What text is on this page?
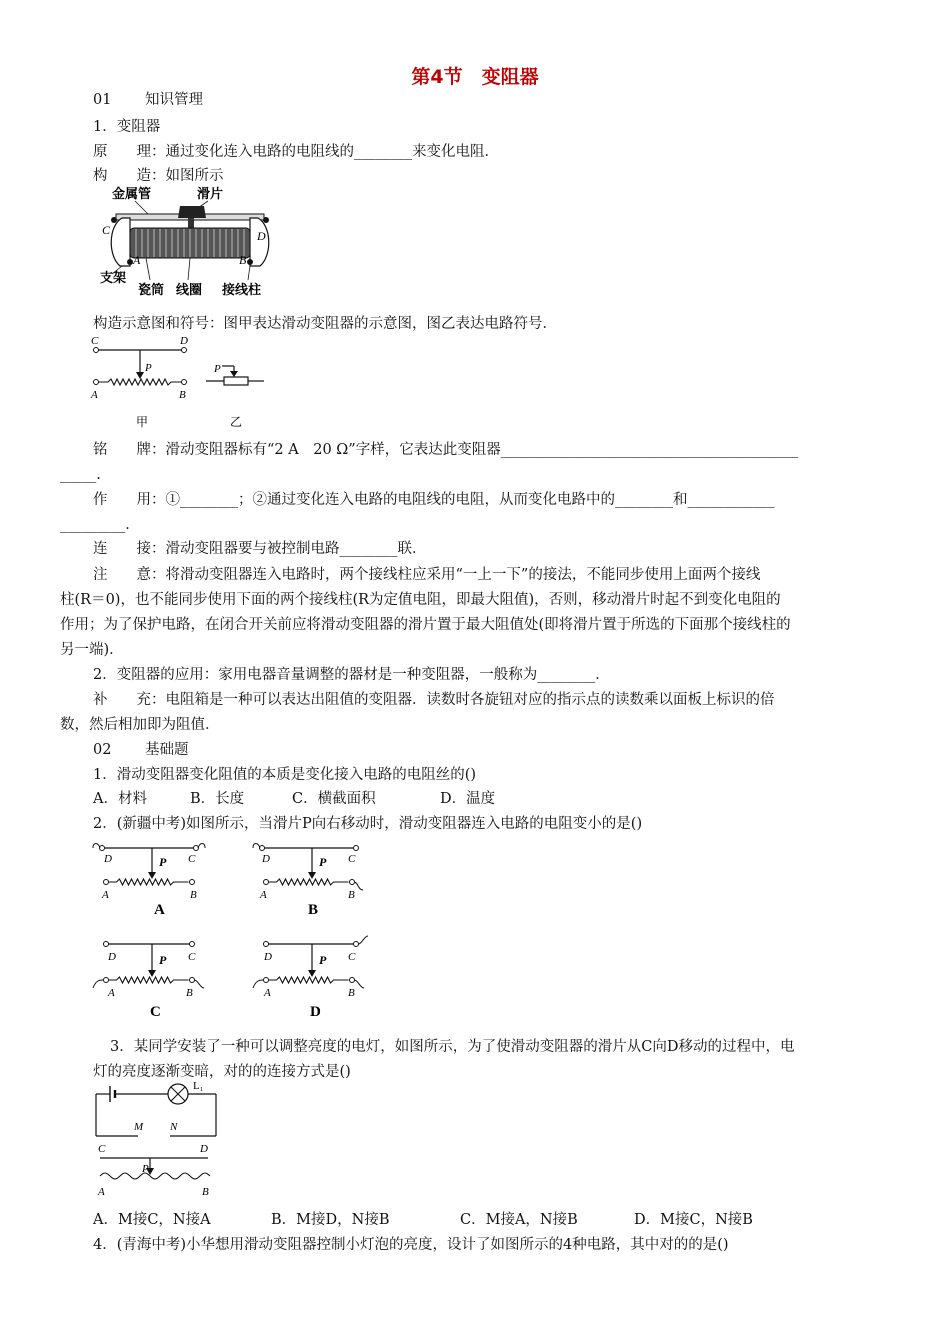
第4节　变阻器
01 知识管理
1．变阻器
原　　理：通过变化连入电路的电阻线的________来变化电阻．
构　　造：如图所示
金属管	滑片
C	D
A	B
支架
瓷筒 线圈 接线柱
构造示意图和符号：图甲表达滑动变阻器的示意图，图乙表达电路符号．
C	D
P
A	B
甲
P
乙
铭　　牌：滑动变阻器标有“2 A　20 Ω”字样，它表达此变阻器_________________________________________
_____.
作　　用：①________；②通过变化连入电路的电阻线的电阻，从而变化电路中的________和____________
_________．
连　　接：滑动变阻器要与被控制电路________联．
注　　意：将滑动变阻器连入电路时，两个接线柱应采用“一上一下”的接法，不能同步使用上面两个接线
柱(R＝0)，也不能同步使用下面的两个接线柱(R为定值电阻，即最大阻值)，否则，移动滑片时起不到变化电阻的
作用；为了保护电路，在闭合开关前应将滑动变阻器的滑片置于最大阻值处(即将滑片置于所选的下面那个接线柱的
另一端)．
2．变阻器的应用：家用电器音量调整的器材是一种变阻器，一般称为________．
补　　充：电阻箱是一种可以表达出阻值的变阻器．读数时各旋钮对应的指示点的读数乘以面板上标识的倍
数，然后相加即为阻值．
02 基础题
1．滑动变阻器变化阻值的本质是变化接入电路的电阻丝的()
A．材料	B．长度	C．横截面积	D．温度
2．(新疆中考)如图所示，当滑片P向右移动时，滑动变阻器连入电路的电阻变小的是()
D	C
P
A	B
A
D	C
P
A	B
B
D	C
P
A	B
C
D	C
P
A	B
D
3．某同学安装了一种可以调整亮度的电灯，如图所示，为了使滑动变阻器的滑片从C向D移动的过程中，电
灯的亮度逐渐变暗，对的的连接方式是()
L₁
M N
C	D
P
A	B
A．M接C，N接A	B．M接D，N接B	C．M接A，N接B	D．M接C，N接B
4．(青海中考)小华想用滑动变阻器控制小灯泡的亮度，设计了如图所示的4种电路，其中对的的是()
